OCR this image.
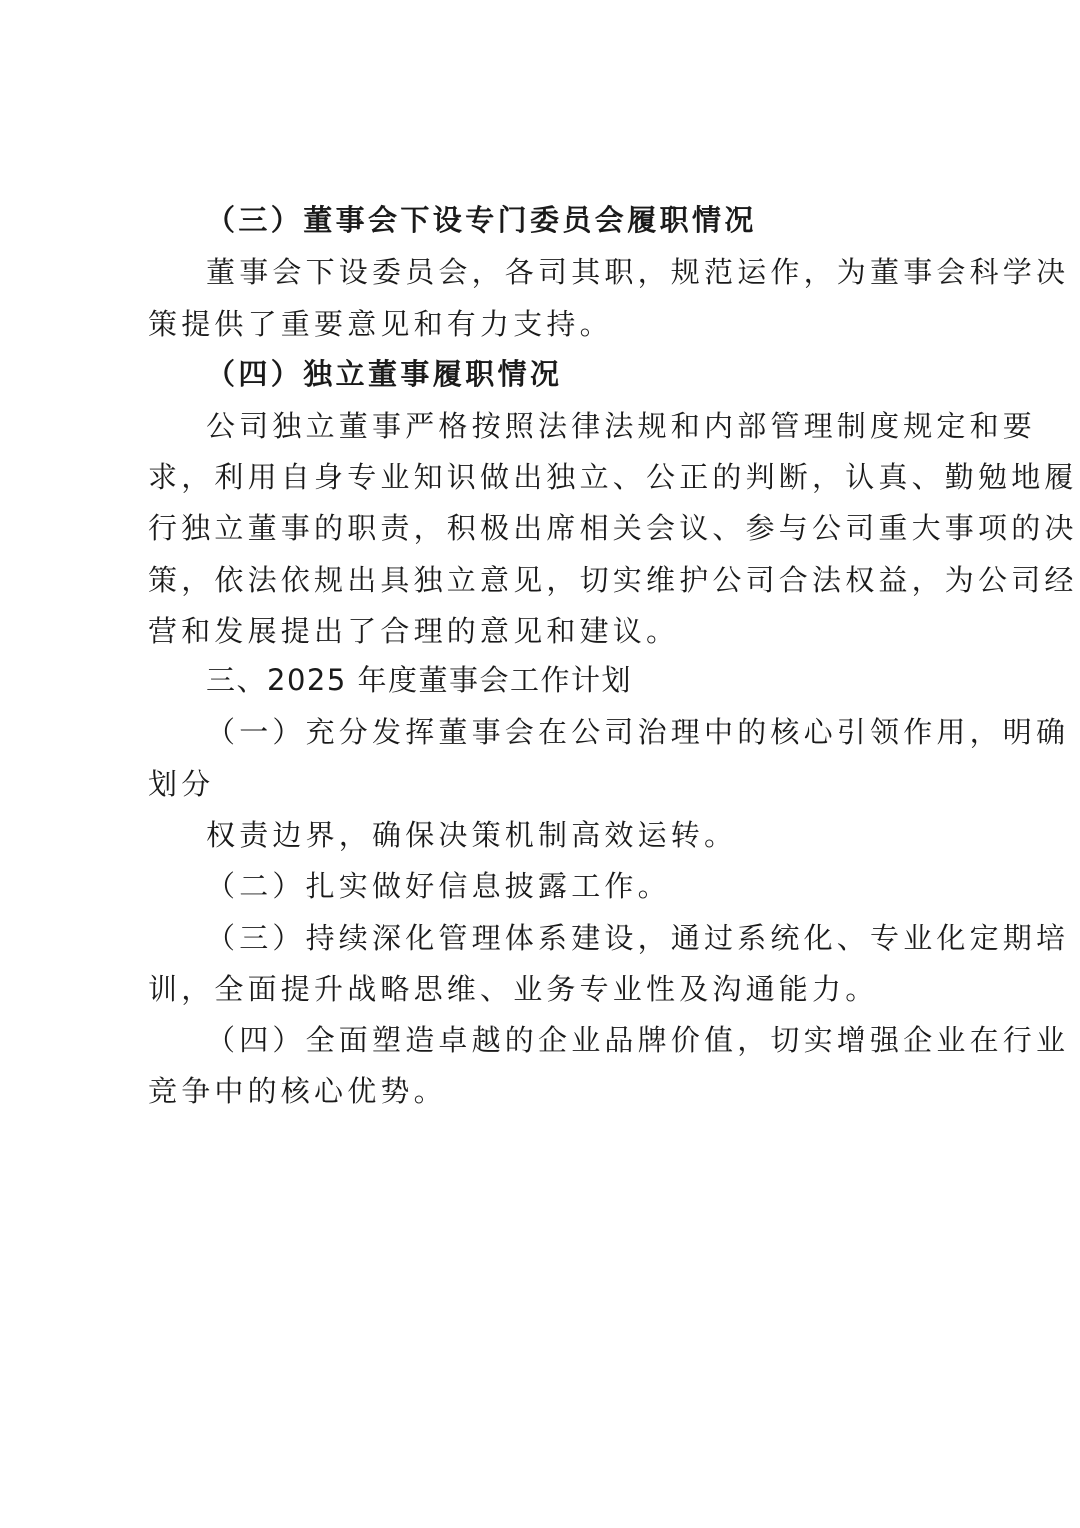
（三）董事会下设专门委员会履职情况
董事会下设委员会，各司其职，规范运作，为董事会科学决
策提供了重要意见和有力支持。
（四）独立董事履职情况
公司独立董事严格按照法律法规和内部管理制度规定和要
求，利用自身专业知识做出独立、公正的判断，认真、勤勉地履
行独立董事的职责，积极出席相关会议、参与公司重大事项的决
策，依法依规出具独立意见，切实维护公司合法权益，为公司经
营和发展提出了合理的意见和建议。
三、2025 年度董事会工作计划
（一）充分发挥董事会在公司治理中的核心引领作用，明确
划分
权责边界，确保决策机制高效运转。
（二）扎实做好信息披露工作。
（三）持续深化管理体系建设，通过系统化、专业化定期培
训，全面提升战略思维、业务专业性及沟通能力。
（四）全面塑造卓越的企业品牌价值，切实增强企业在行业
竞争中的核心优势。
